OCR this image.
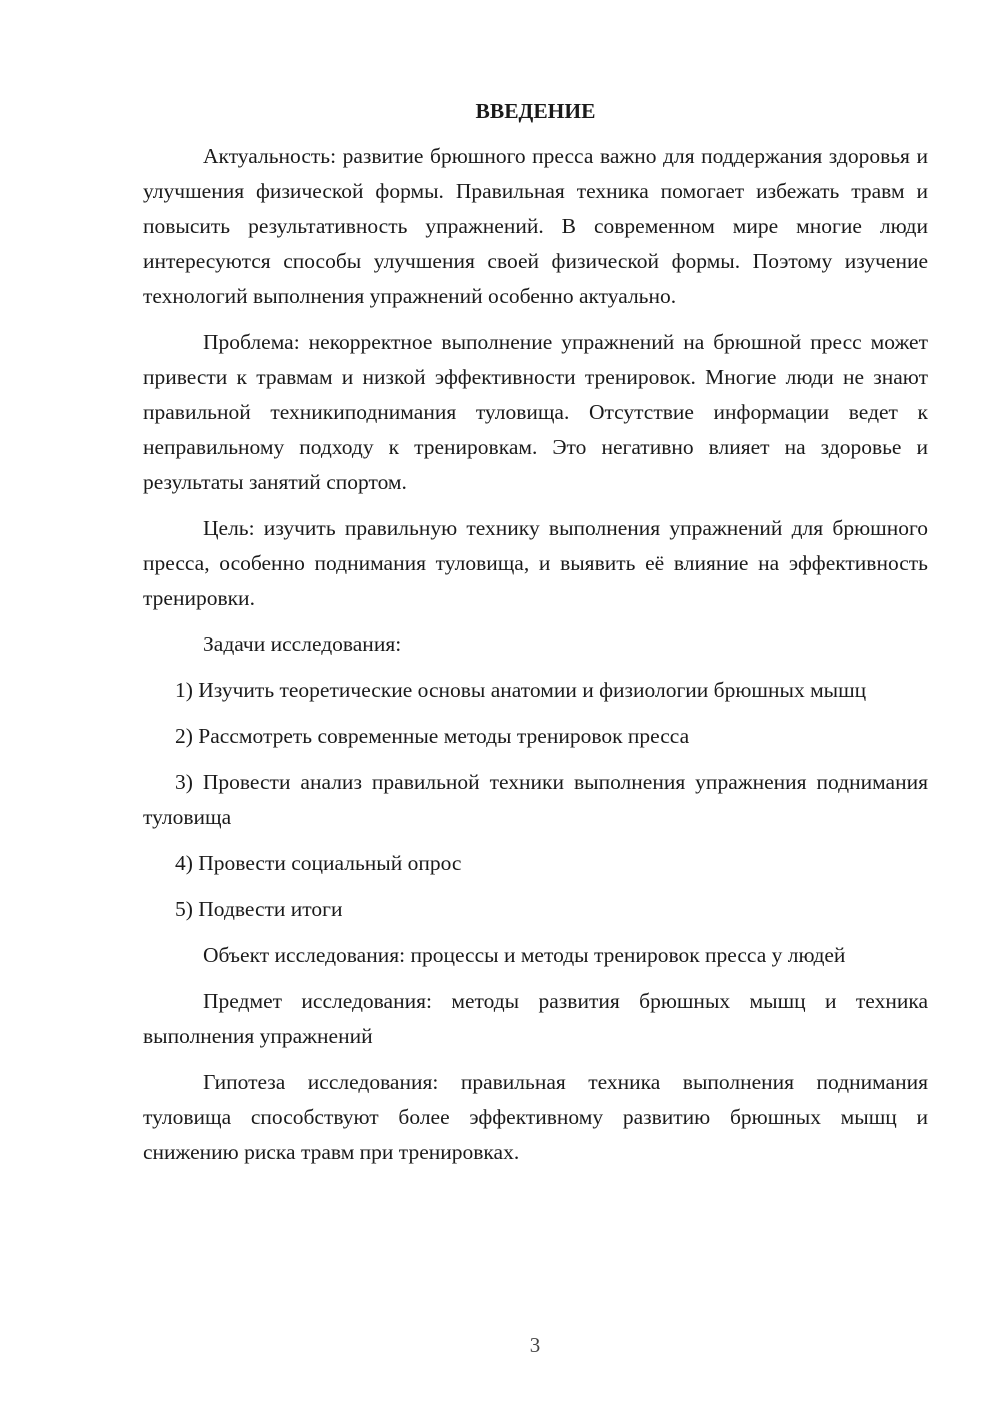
ВВЕДЕНИЕ

Актуальность: развитие брюшного пресса важно для поддержания здоровья и улучшения физической формы. Правильная техника помогает избежать травм и повысить результативность упражнений. В современном мире многие люди интересуются способы улучшения своей физической формы. Поэтому изучение технологий выполнения упражнений особенно актуально.

Проблема: некорректное выполнение упражнений на брюшной пресс может привести к травмам и низкой эффективности тренировок. Многие люди не знают правильной техникиподнимания туловища. Отсутствие информации ведет к неправильному подходу к тренировкам. Это негативно влияет на здоровье и результаты занятий спортом.

Цель: изучить правильную технику выполнения упражнений для брюшного пресса, особенно поднимания туловища, и выявить её влияние на эффективность тренировки.

Задачи исследования:

1) Изучить теоретические основы анатомии и физиологии брюшных мышц

2) Рассмотреть современные методы тренировок пресса

3) Провести анализ правильной техники выполнения упражнения поднимания туловища

4) Провести социальный опрос

5) Подвести итоги

Объект исследования: процессы и методы тренировок пресса у людей

Предмет исследования: методы развития брюшных мышц и техника выполнения упражнений

Гипотеза исследования: правильная техника выполнения поднимания туловища способствуют более эффективному развитию брюшных мышц и снижению риска травм при тренировках.

3
